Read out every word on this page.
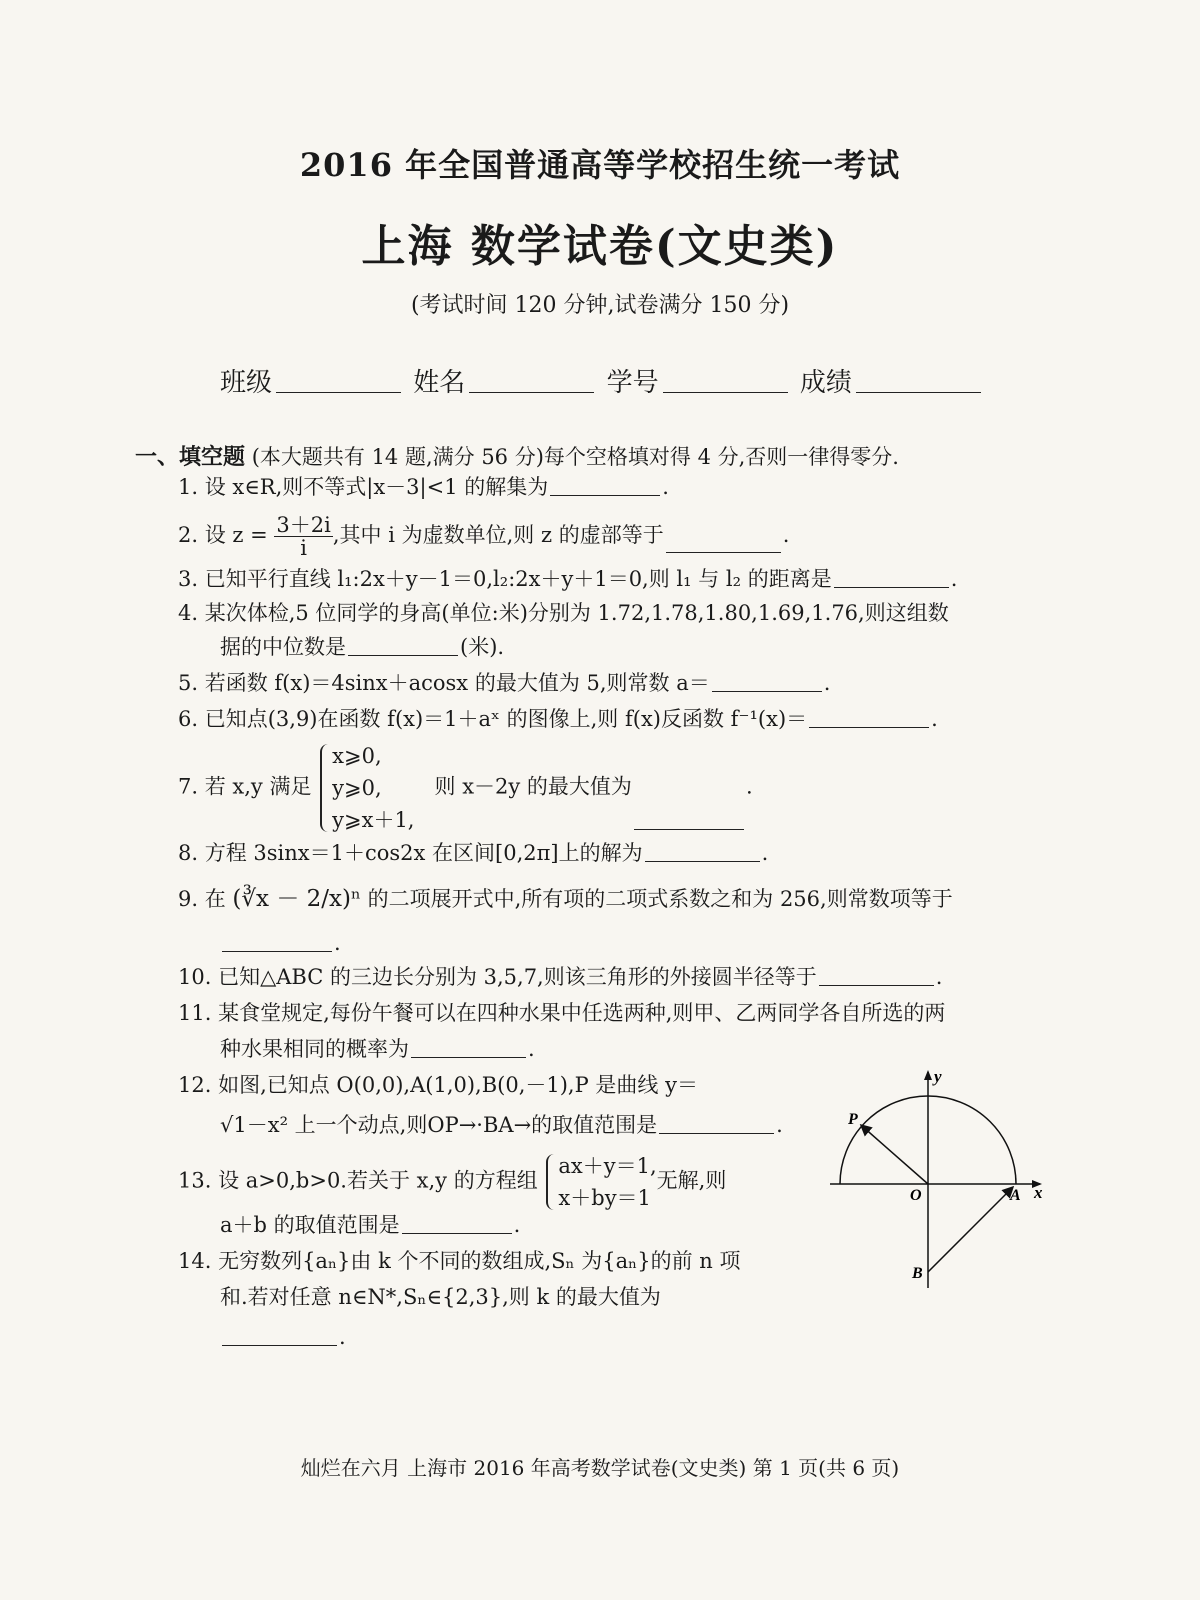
2016 年全国普通高等学校招生统一考试
上海 数学试卷(文史类)
(考试时间 120 分钟,试卷满分 150 分)
班级	姓名	学号	成绩
一、填空题 (本大题共有 14 题,满分 56 分)每个空格填对得 4 分,否则一律得零分.
1. 设 x∈R,则不等式|x－3|<1 的解集为	.
2. 设 $z = \frac{3+2i}{i}$ ,其中 i 为虚数单位,则 z 的虚部等于	.
3. 已知平行直线 l₁:2x＋y－1＝0,l₂:2x＋y＋1＝0,则 l₁ 与 l₂ 的距离是	.
4. 某次体检,5 位同学的身高(单位:米)分别为 1.72,1.78,1.80,1.69,1.76,则这组数
据的中位数是	(米).
5. 若函数 f(x)＝4sinx＋acosx 的最大值为 5,则常数 a＝	.
6. 已知点(3,9)在函数 f(x)＝1＋aˣ 的图像上,则 f(x)反函数 f⁻¹(x)＝	.
7. 若 x,y 满足
x⩾0,
y⩾0,
y⩾x＋1,
则 x－2y 的最大值为	.
8. 方程 3sinx＝1＋cos2x 在区间[0,2π]上的解为	.
9. 在 (∛x － 2/x)ⁿ 的二项展开式中,所有项的二项式系数之和为 256,则常数项等于
.
10. 已知△ABC 的三边长分别为 3,5,7,则该三角形的外接圆半径等于	.
11. 某食堂规定,每份午餐可以在四种水果中任选两种,则甲、乙两同学各自所选的两
种水果相同的概率为	.
12. 如图,已知点 O(0,0),A(1,0),B(0,－1),P 是曲线 y＝
√1－x² 上一个动点,则OP→·BA→的取值范围是	.
13. 设 a>0,b>0.若关于 x,y 的方程组
ax＋y＝1,
x＋by＝1
无解,则
a＋b 的取值范围是	.
14. 无穷数列{aₙ}由 k 个不同的数组成,Sₙ 为{aₙ}的前 n 项
和.若对任意 n∈N*,Sₙ∈{2,3},则 k 的最大值为
.
y
x
O	A
B
P
灿烂在六月 上海市 2016 年高考数学试卷(文史类) 第 1 页(共 6 页)
